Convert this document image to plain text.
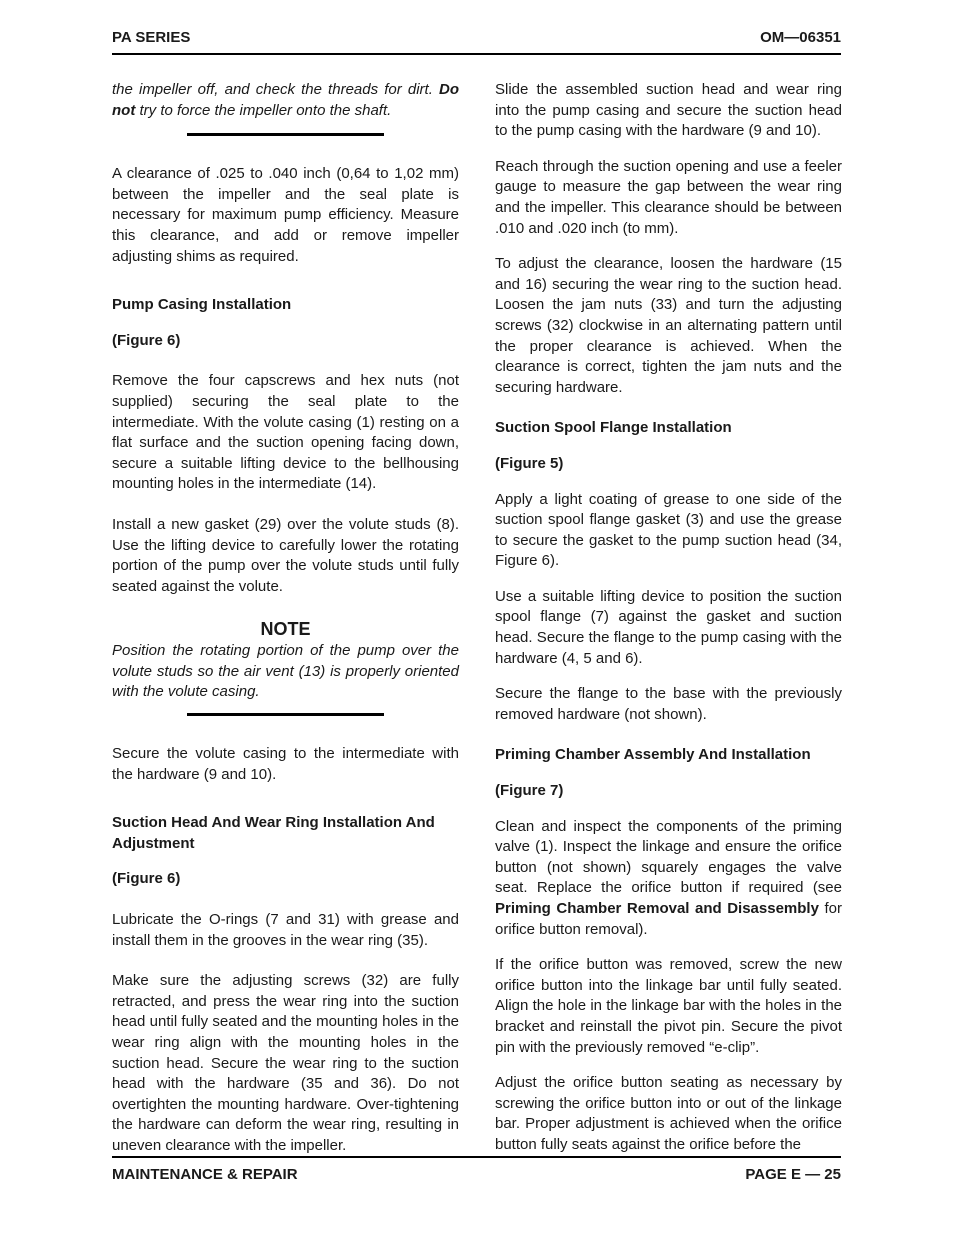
PA SERIES	OM—06351

the impeller off, and check the threads for dirt. Do not try to force the impeller onto the shaft.

A clearance of .025 to .040 inch (0,64 to 1,02 mm) between the impeller and the seal plate is necessary for maximum pump efficiency. Measure this clearance, and add or remove impeller adjusting shims as required.

Pump Casing Installation

(Figure 6)

Remove the four capscrews and hex nuts (not supplied) securing the seal plate to the intermediate. With the volute casing (1) resting on a flat surface and the suction opening facing down, secure a suitable lifting device to the bellhousing mounting holes in the intermediate (14).

Install a new gasket (29) over the volute studs (8). Use the lifting device to carefully lower the rotating portion of the pump over the volute studs until fully seated against the volute.

NOTE

Position the rotating portion of the pump over the volute studs so the air vent (13) is properly oriented with the volute casing.

Secure the volute casing to the intermediate with the hardware (9 and 10).

Suction Head And Wear Ring Installation And Adjustment

(Figure 6)

Lubricate the O-rings (7 and 31) with grease and install them in the grooves in the wear ring (35).

Make sure the adjusting screws (32) are fully retracted, and press the wear ring into the suction head until fully seated and the mounting holes in the wear ring align with the mounting holes in the suction head. Secure the wear ring to the suction head with the hardware (35 and 36). Do not overtighten the mounting hardware. Over-tightening the hardware can deform the wear ring, resulting in uneven clearance with the impeller.

Slide the assembled suction head and wear ring into the pump casing and secure the suction head to the pump casing with the hardware (9 and 10).

Reach through the suction opening and use a feeler gauge to measure the gap between the wear ring and the impeller. This clearance should be between .010 and .020 inch (to mm).

To adjust the clearance, loosen the hardware (15 and 16) securing the wear ring to the suction head. Loosen the jam nuts (33) and turn the adjusting screws (32) clockwise in an alternating pattern until the proper clearance is achieved. When the clearance is correct, tighten the jam nuts and the securing hardware.

Suction Spool Flange Installation

(Figure 5)

Apply a light coating of grease to one side of the suction spool flange gasket (3) and use the grease to secure the gasket to the pump suction head (34, Figure 6).

Use a suitable lifting device to position the suction spool flange (7) against the gasket and suction head. Secure the flange to the pump casing with the hardware (4, 5 and 6).

Secure the flange to the base with the previously removed hardware (not shown).

Priming Chamber Assembly And Installation

(Figure 7)

Clean and inspect the components of the priming valve (1). Inspect the linkage and ensure the orifice button (not shown) squarely engages the valve seat. Replace the orifice button if required (see Priming Chamber Removal and Disassembly for orifice button removal).

If the orifice button was removed, screw the new orifice button into the linkage bar until fully seated. Align the hole in the linkage bar with the holes in the bracket and reinstall the pivot pin. Secure the pivot pin with the previously removed “e-clip”.

Adjust the orifice button seating as necessary by screwing the orifice button into or out of the linkage bar. Proper adjustment is achieved when the orifice button fully seats against the orifice before the

MAINTENANCE & REPAIR	PAGE E — 25
